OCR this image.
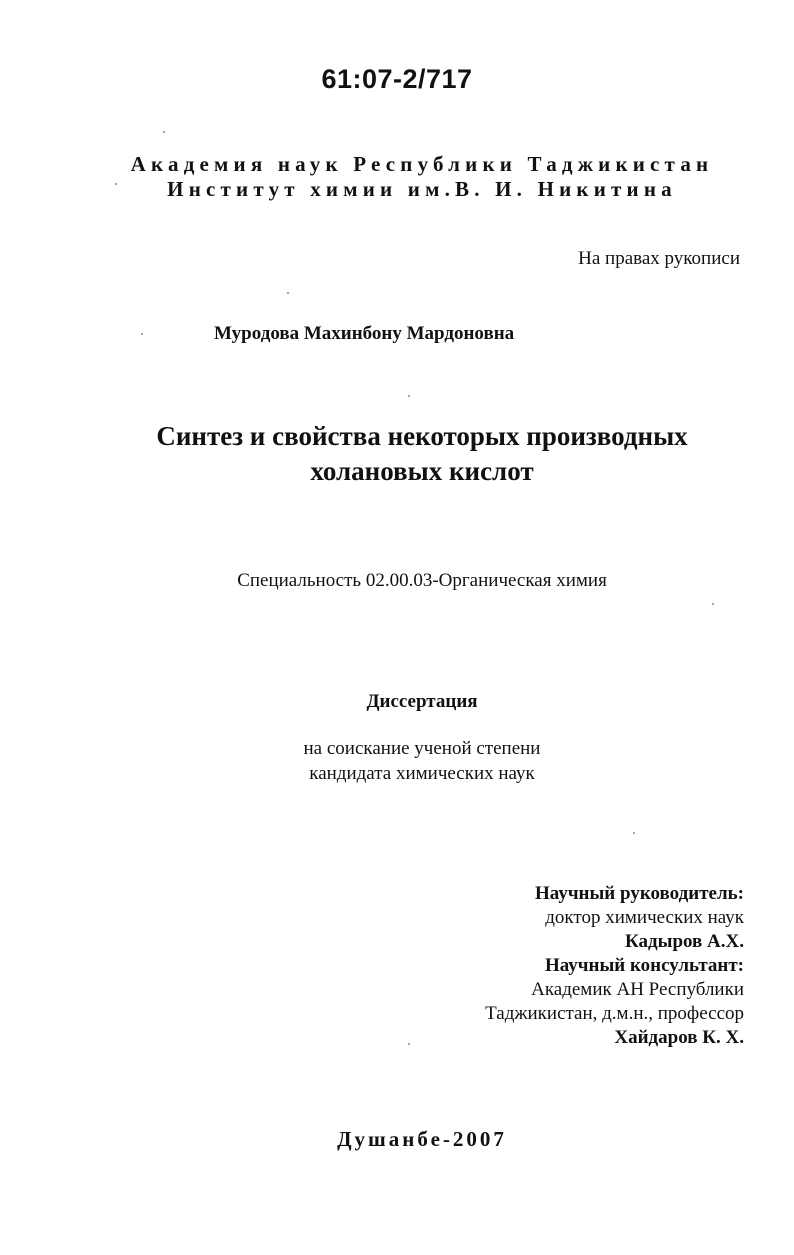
61:07-2/717
Академия наук Республики Таджикистан
Институт химии им.В. И. Никитина
На правах рукописи
Муродова Махинбону Мардоновна
Синтез и свойства некоторых производных
холановых кислот
Специальность 02.00.03-Органическая химия
Диссертация
на соискание ученой степени
кандидата химических наук
Научный руководитель:
доктор химических наук
Кадыров А.Х.
Научный консультант:
Академик АН Республики
Таджикистан, д.м.н., профессор
Хайдаров К. Х.
Душанбе-2007
